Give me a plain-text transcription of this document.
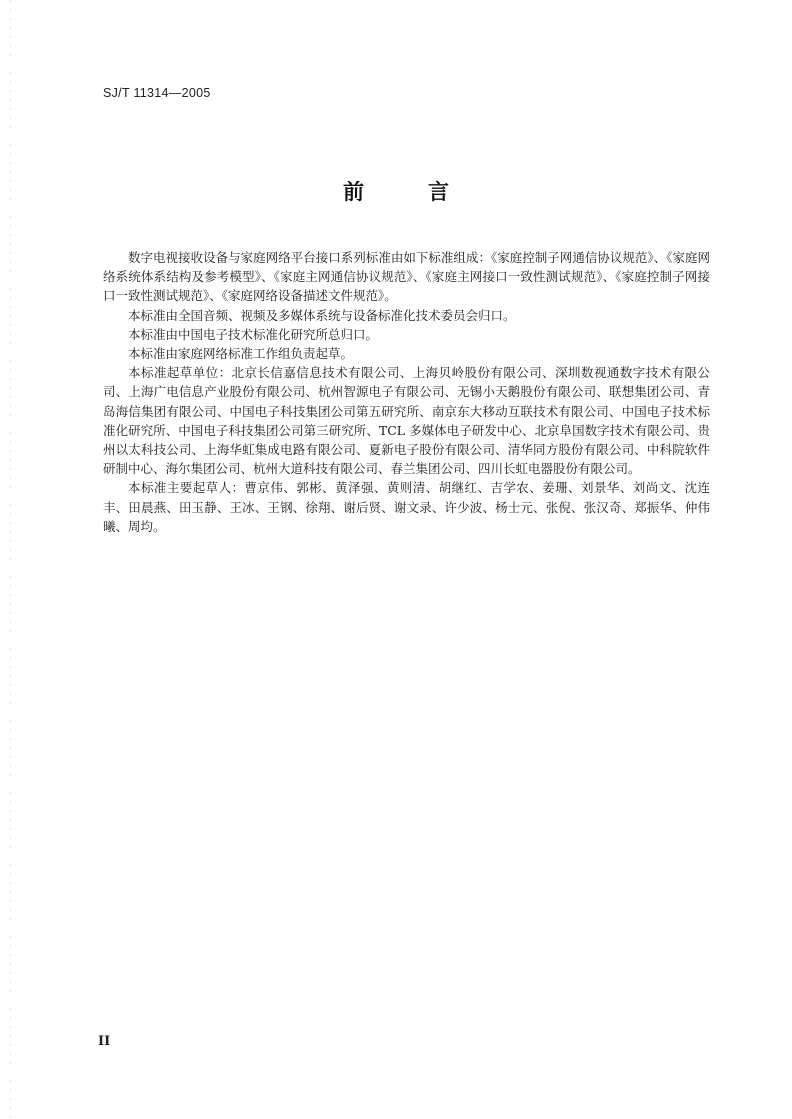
SJ/T 11314—2005
前言

数字电视接收设备与家庭网络平台接口系列标准由如下标准组成：《家庭控制子网通信协议规范》、《家庭网络系统体系结构及参考模型》、《家庭主网通信协议规范》、《家庭主网接口一致性测试规范》、《家庭控制子网接口一致性测试规范》、《家庭网络设备描述文件规范》。

本标准由全国音频、视频及多媒体系统与设备标准化技术委员会归口。

本标准由中国电子技术标准化研究所总归口。

本标准由家庭网络标准工作组负责起草。

本标准起草单位：北京长信嘉信息技术有限公司、上海贝岭股份有限公司、深圳数视通数字技术有限公司、上海广电信息产业股份有限公司、杭州智源电子有限公司、无锡小天鹅股份有限公司、联想集团公司、青岛海信集团有限公司、中国电子科技集团公司第五研究所、南京东大移动互联技术有限公司、中国电子技术标准化研究所、中国电子科技集团公司第三研究所、TCL 多媒体电子研发中心、北京阜国数字技术有限公司、贵州以太科技公司、上海华虹集成电路有限公司、夏新电子股份有限公司、清华同方股份有限公司、中科院软件研制中心、海尔集团公司、杭州大道科技有限公司、春兰集团公司、四川长虹电器股份有限公司。

本标准主要起草人：曹京伟、郭彬、黄泽强、黄则清、胡继红、吉学农、姜珊、刘景华、刘尚文、沈连丰、田晨燕、田玉静、王冰、王钢、徐翔、谢后贤、谢文录、许少波、杨士元、张倪、张汉奇、郑振华、仲伟曦、周均。

II
